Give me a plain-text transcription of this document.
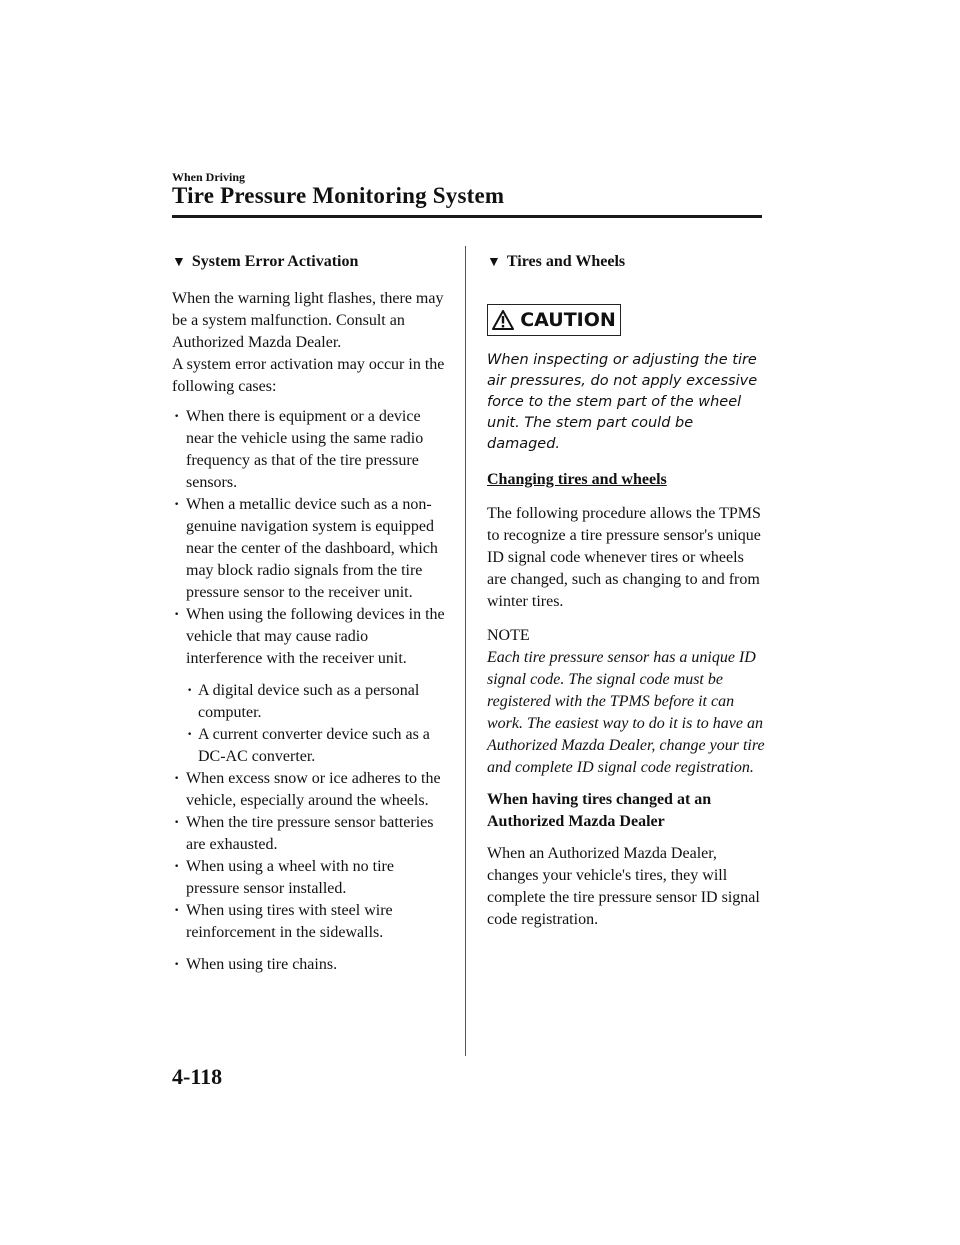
When Driving
Tire Pressure Monitoring System
▼ System Error Activation

When the warning light flashes, there may be a system malfunction. Consult an Authorized Mazda Dealer.

A system error activation may occur in the following cases:

· When there is equipment or a device near the vehicle using the same radio frequency as that of the tire pressure sensors.
· When a metallic device such as a non-genuine navigation system is equipped near the center of the dashboard, which may block radio signals from the tire pressure sensor to the receiver unit.
· When using the following devices in the vehicle that may cause radio interference with the receiver unit.
· A digital device such as a personal computer.
· A current converter device such as a DC-AC converter.
· When excess snow or ice adheres to the vehicle, especially around the wheels.
· When the tire pressure sensor batteries are exhausted.
· When using a wheel with no tire pressure sensor installed.
· When using tires with steel wire reinforcement in the sidewalls.
· When using tire chains.
▼ Tires and Wheels
CAUTION
When inspecting or adjusting the tire air pressures, do not apply excessive force to the stem part of the wheel unit. The stem part could be damaged.
Changing tires and wheels

The following procedure allows the TPMS to recognize a tire pressure sensor's unique ID signal code whenever tires or wheels are changed, such as changing to and from winter tires.

NOTE

Each tire pressure sensor has a unique ID signal code. The signal code must be registered with the TPMS before it can work. The easiest way to do it is to have an Authorized Mazda Dealer, change your tire and complete ID signal code registration.

When having tires changed at an Authorized Mazda Dealer

When an Authorized Mazda Dealer, changes your vehicle's tires, they will complete the tire pressure sensor ID signal code registration.

4-118
